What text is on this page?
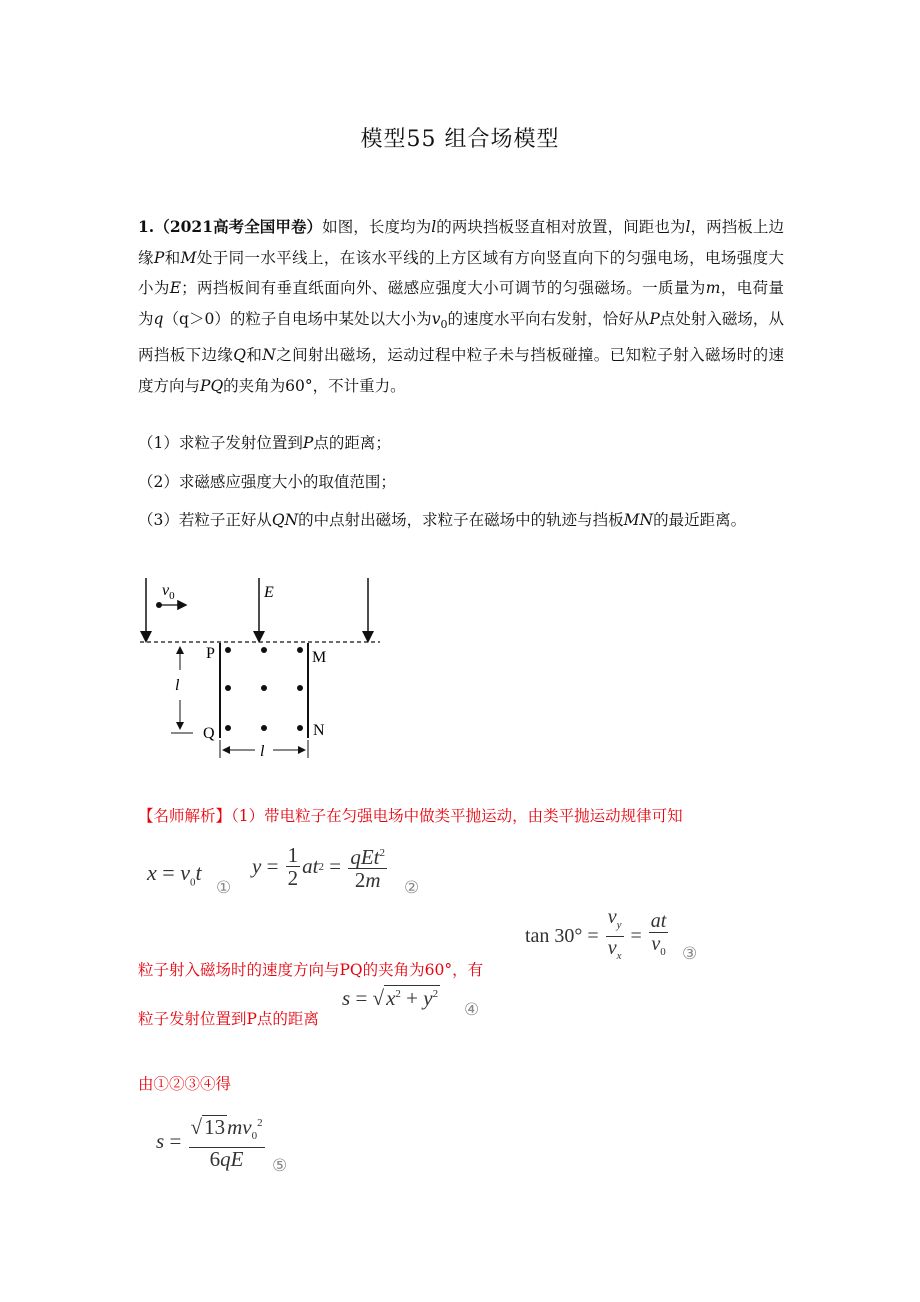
模型55 组合场模型

1.（2021高考全国甲卷）如图，长度均为l的两块挡板竖直相对放置，间距也为l，两挡板上边缘P和M处于同一水平线上，在该水平线的上方区域有方向竖直向下的匀强电场，电场强度大小为E；两挡板间有垂直纸面向外、磁感应强度大小可调节的匀强磁场。一质量为m，电荷量为q（q＞0）的粒子自电场中某处以大小为$v_0$的速度水平向右发射，恰好从P点处射入磁场，从两挡板下边缘Q和N之间射出磁场，运动过程中粒子未与挡板碰撞。已知粒子射入磁场时的速度方向与PQ的夹角为60°，不计重力。

（1）求粒子发射位置到P点的距离；
（2）求磁感应强度大小的取值范围；
（3）若粒子正好从QN的中点射出磁场，求粒子在磁场中的轨迹与挡板MN的最近距离。
$v_0$	E
P	M
Q	N
l
l
【名师解析】（1）带电粒子在匀强电场中做类平抛运动，由类平抛运动规律可知
$x = v_0t$
①
$y = \frac{1}{2}$ at $2 = \frac{qEt^2}{2m}$ ②
$\tan 30^\circ = \frac{v_y}{v_x} = \frac{at}{v_0}$ ③
粒子射入磁场时的速度方向与PQ的夹角为60°，有
粒子发射位置到P点的距离
$s = √x^2 + y^2$
④
由①②③④得
$s = \frac{√13mv_0^2}{6qE}$ ⑤
